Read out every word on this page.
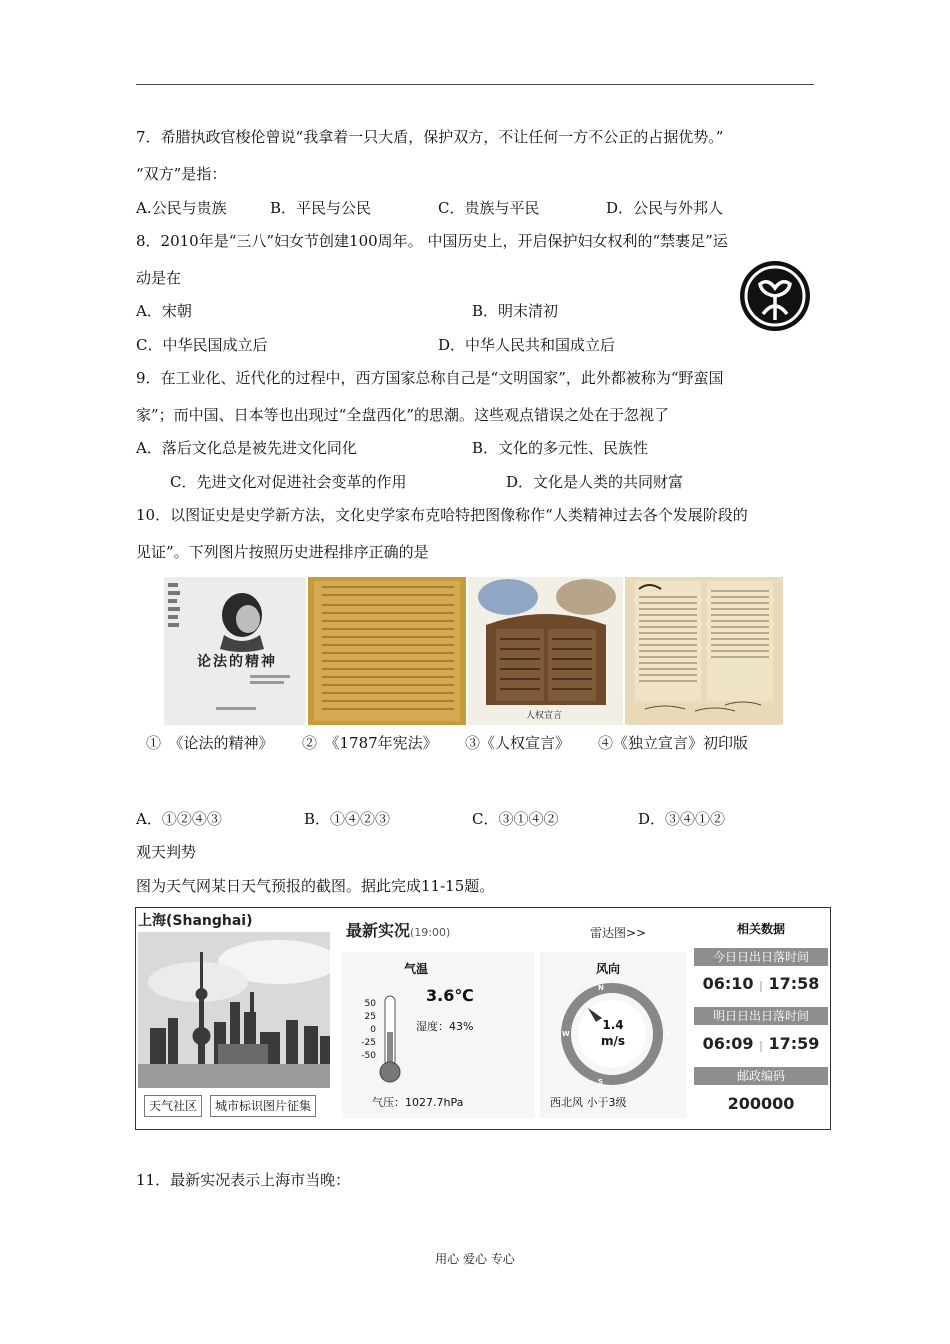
7．希腊执政官梭伦曾说“我拿着一只大盾，保护双方，不让任何一方不公正的占据优势。”
“双方”是指：
A.公民与贵族	B．平民与公民	C．贵族与平民	D．公民与外邦人
8．2010年是“三八”妇女节创建100周年。 中国历史上，开启保护妇女权利的“禁裹足”运
动是在
A．宋朝	B．明末清初
C．中华民国成立后	D．中华人民共和国成立后
9．在工业化、近代化的过程中，西方国家总称自己是“文明国家”，此外都被称为“野蛮国
家”；而中国、日本等也出现过“全盘西化”的思潮。这些观点错误之处在于忽视了
A．落后文化总是被先进文化同化	B．文化的多元性、民族性
C．先进文化对促进社会变革的作用	D．文化是人类的共同财富
10．以图证史是史学新方法，文化史学家布克哈特把图像称作“人类精神过去各个发展阶段的
见证”。下列图片按照历史进程排序正确的是
论法的精神
人权宣言
①　《论法的精神》 ②　《1787年宪法》 ③《人权宣言》 ④《独立宣言》初印版
A．①②④③	B．①④②③	C．③①④②	D．③④①②
观天判势
图为天气网某日天气预报的截图。据此完成11-15题。
上海(Shanghai)
天气社区	城市标识图片征集
最新实况(19:00)	雷达图>>
气温
3.6℃
湿度：43%
50
25
0
-25
-50
气压：1027.7hPa
风向
N
E
S
W
1.4
m/s
西北风 小于3级
相关数据
今日日出日落时间
06:10 | 17:58
明日日出日落时间
06:09 | 17:59
邮政编码
200000
11．最新实况表示上海市当晚：
用心 爱心 专心
